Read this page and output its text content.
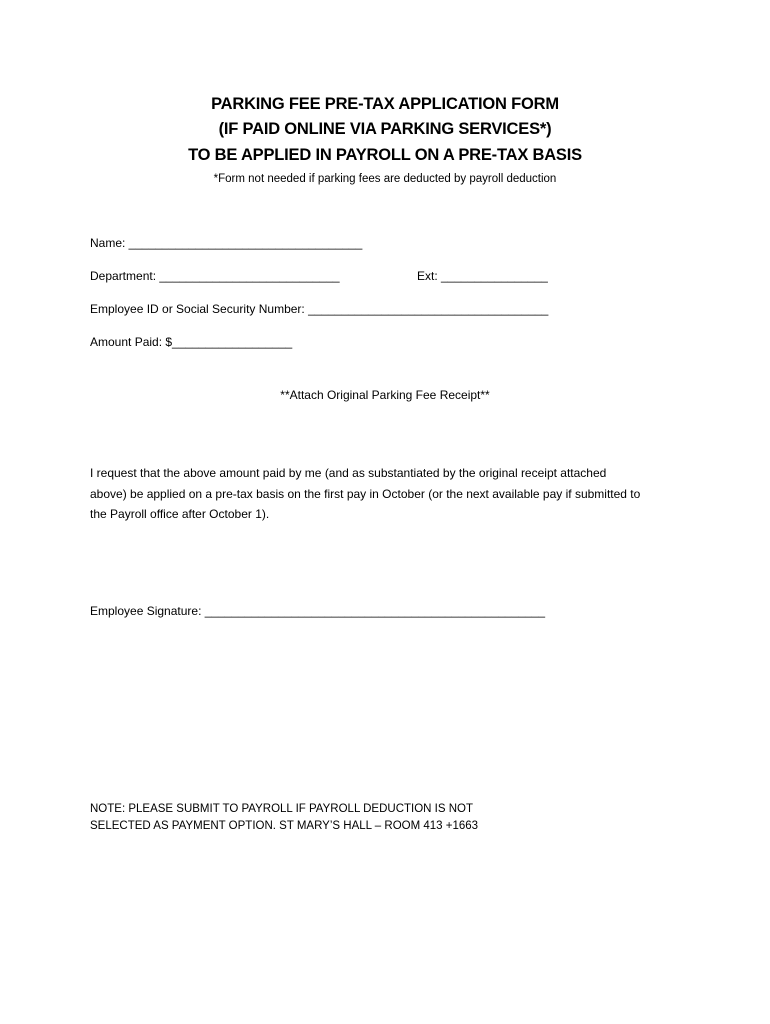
PARKING FEE PRE-TAX APPLICATION FORM
(IF PAID ONLINE VIA PARKING SERVICES*)
TO BE APPLIED IN PAYROLL ON A PRE-TAX BASIS
*Form not needed if parking fees are deducted by payroll deduction
Name: ___________________________________
Department: ___________________________	Ext: ________________
Employee ID or Social Security Number: ____________________________________
Amount Paid: $__________________
**Attach Original Parking Fee Receipt**
I request that the above amount paid by me (and as substantiated by the original receipt attached
above) be applied on a pre-tax basis on the first pay in October (or the next available pay if submitted to
the Payroll office after October 1).
Employee Signature: ___________________________________________________
NOTE: PLEASE SUBMIT TO PAYROLL IF PAYROLL DEDUCTION IS NOT
SELECTED AS PAYMENT OPTION. ST MARY’S HALL – ROOM 413 +1663
